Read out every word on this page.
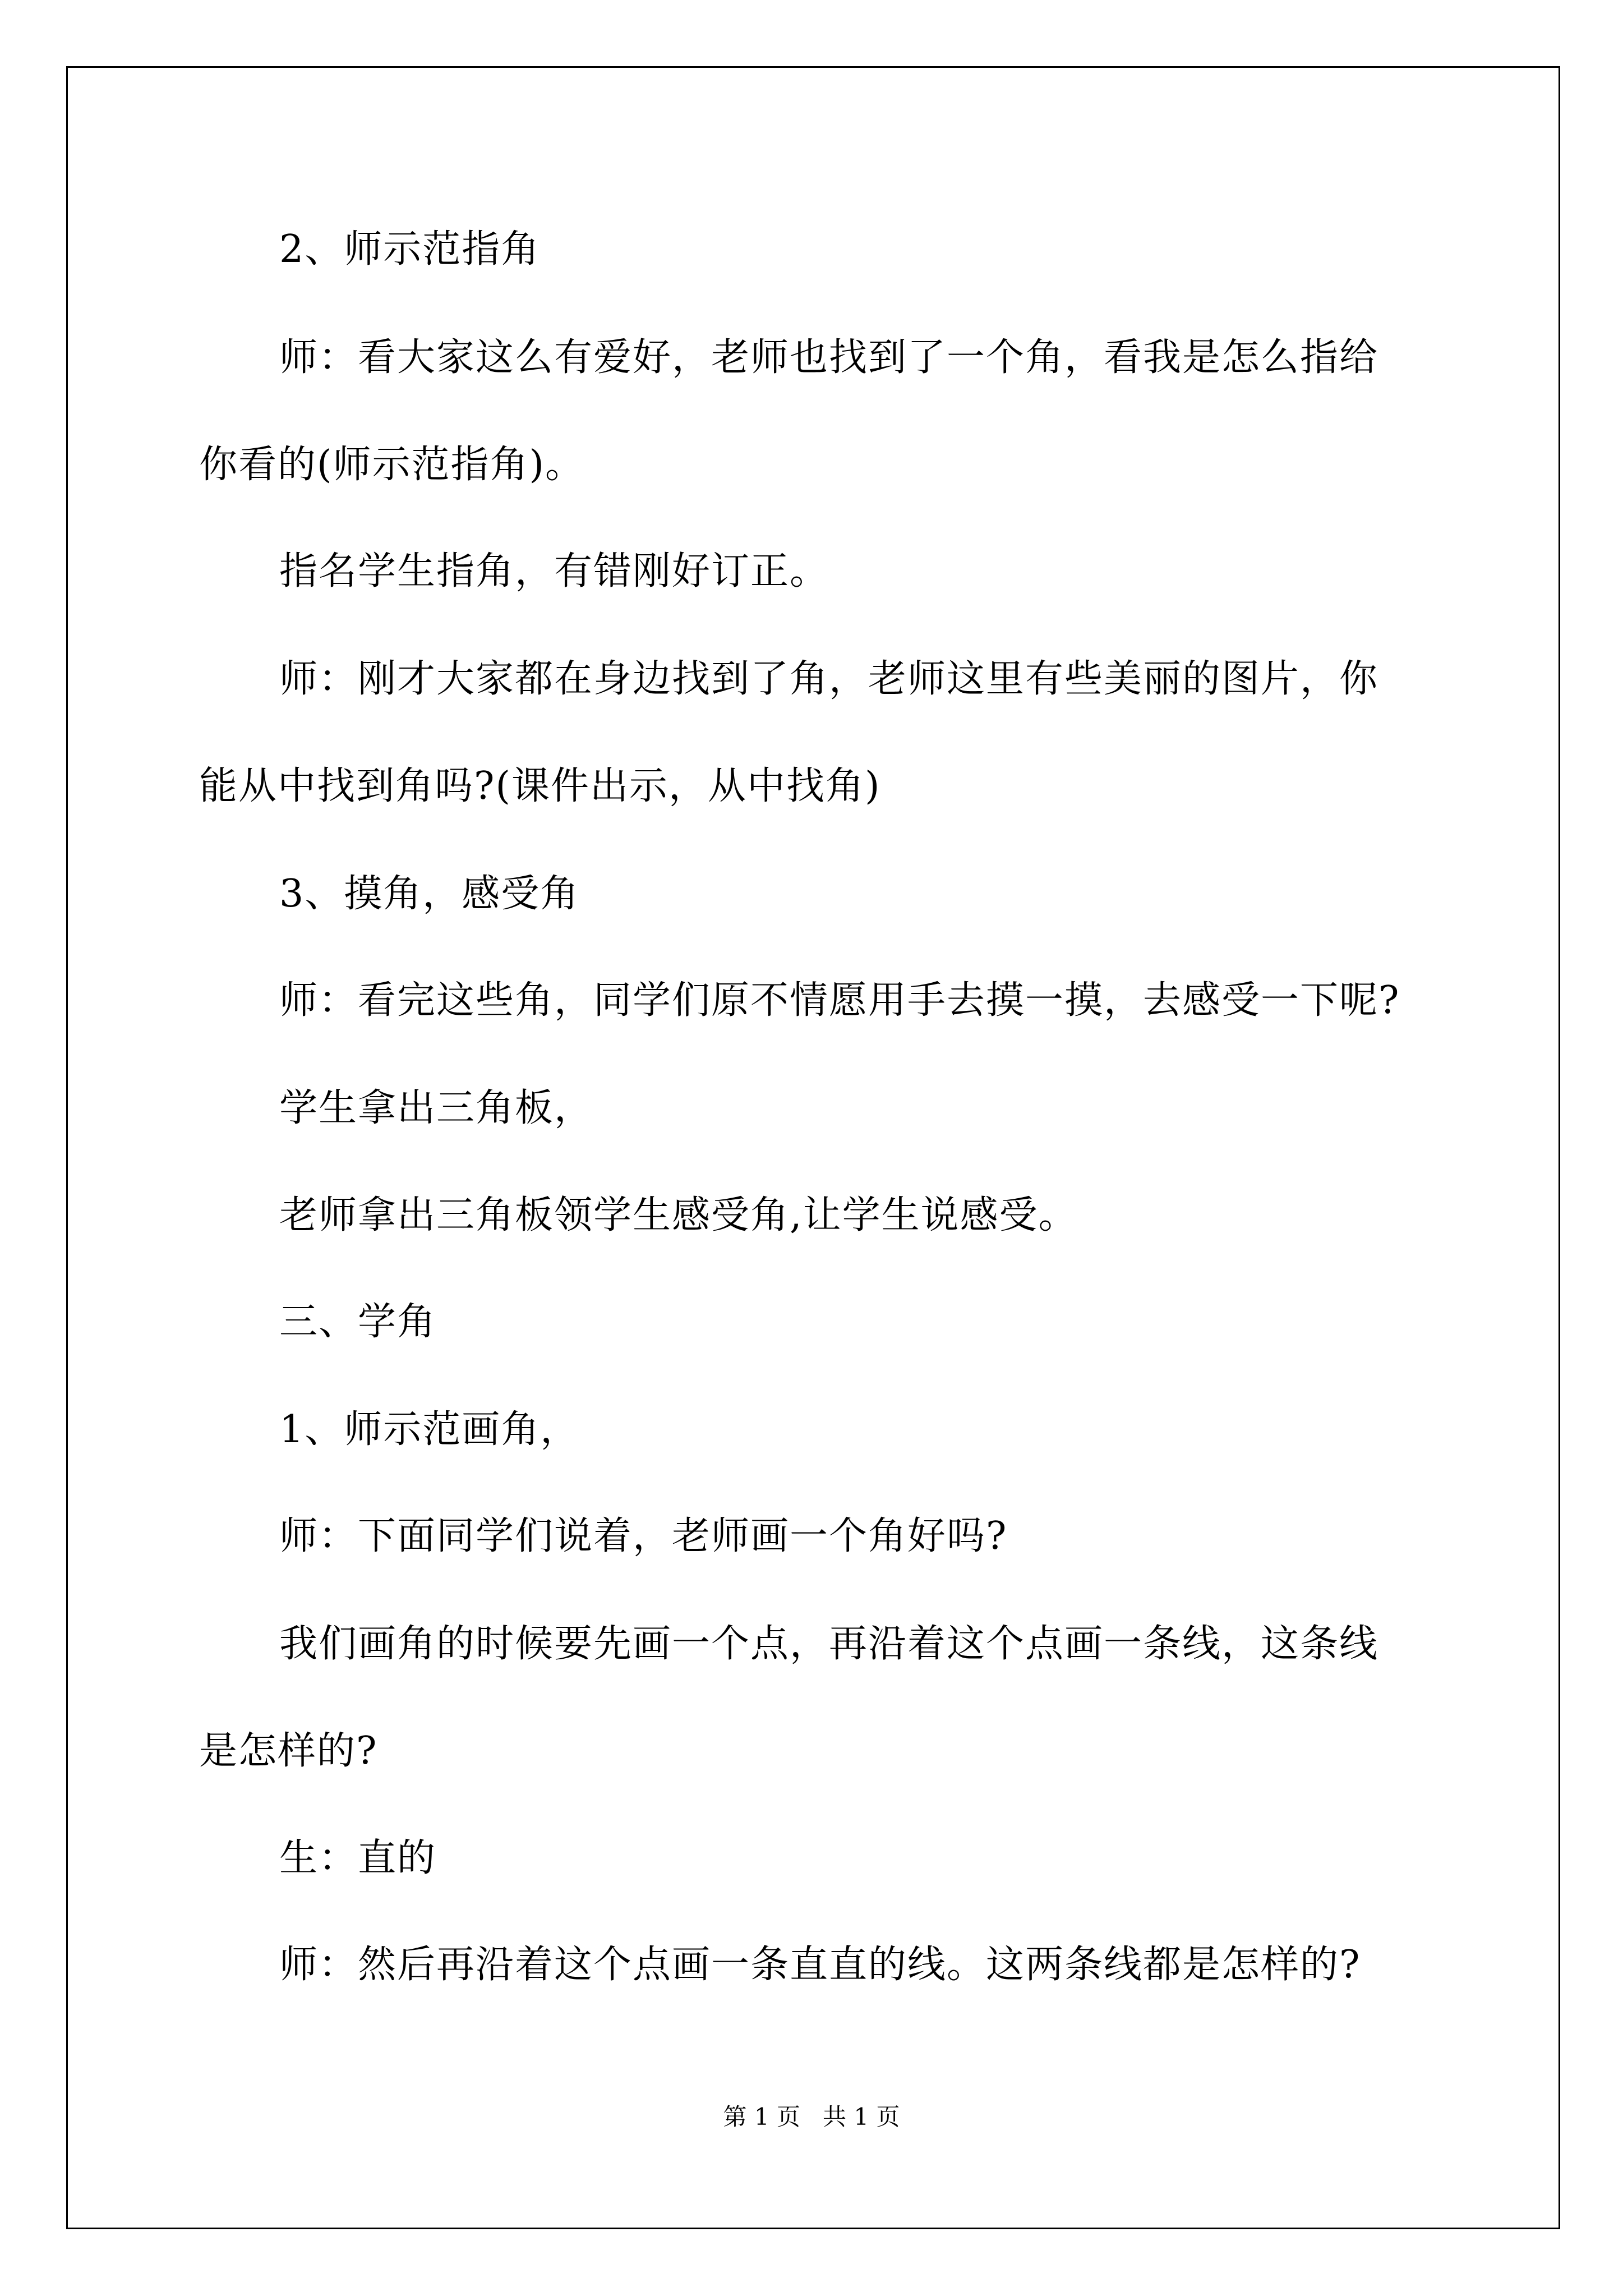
2、师示范指角
师：看大家这么有爱好，老师也找到了一个角，看我是怎么指给
你看的(师示范指角)。
指名学生指角，有错刚好订正。
师：刚才大家都在身边找到了角，老师这里有些美丽的图片，你
能从中找到角吗?(课件出示，从中找角)
3、摸角，感受角
师：看完这些角，同学们原不情愿用手去摸一摸，去感受一下呢?
学生拿出三角板，
老师拿出三角板领学生感受角,让学生说感受。
三、学角
1、师示范画角，
师：下面同学们说着，老师画一个角好吗?
我们画角的时候要先画一个点，再沿着这个点画一条线，这条线
是怎样的?
生：直的
师：然后再沿着这个点画一条直直的线。这两条线都是怎样的?
第 1 页   共 1 页
